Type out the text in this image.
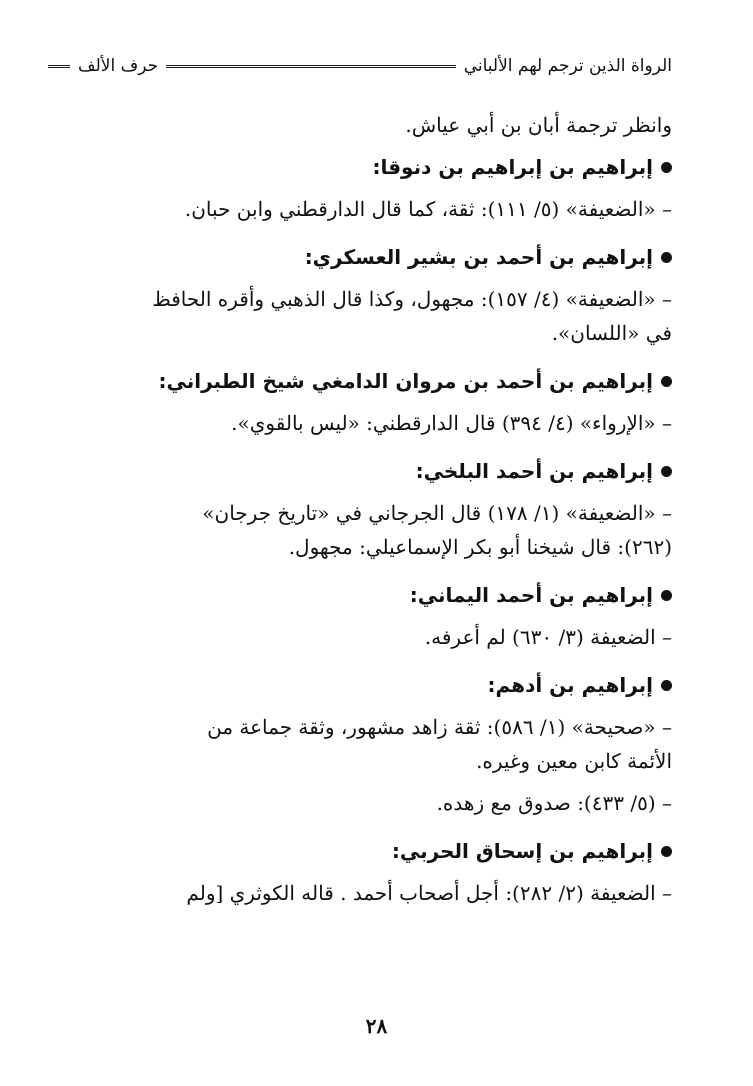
الرواة الذين ترجم لهم الألباني
حرف الألف

وانظر ترجمة أبان بن أبي عياش.

إبراهيم بن إبراهيم بن دنوقا:

– «الضعيفة» (٥/ ١١١): ثقة، كما قال الدارقطني وابن حبان.

إبراهيم بن أحمد بن بشير العسكري:

– «الضعيفة» (٤/ ١٥٧): مجهول، وكذا قال الذهبي وأقره الحافظ

في «اللسان».

إبراهيم بن أحمد بن مروان الدامغي شيخ الطبراني:

– «الإرواء» (٤/ ٣٩٤) قال الدارقطني: «ليس بالقوي».

إبراهيم بن أحمد البلخي:

– «الضعيفة» (١/ ١٧٨) قال الجرجاني في «تاريخ جرجان»

(٢٦٢): قال شيخنا أبو بكر الإسماعيلي: مجهول.

إبراهيم بن أحمد اليماني:

– الضعيفة (٣/ ٦٣٠) لم أعرفه.

إبراهيم بن أدهم:

– «صحيحة» (١/ ٥٨٦): ثقة زاهد مشهور، وثقة جماعة من

الأئمة كابن معين وغيره.

– (٥/ ٤٣٣): صدوق مع زهده.

إبراهيم بن إسحاق الحربي:

– الضعيفة (٢/ ٢٨٢): أجل أصحاب أحمد . قاله الكوثري [ولم

٢٨
